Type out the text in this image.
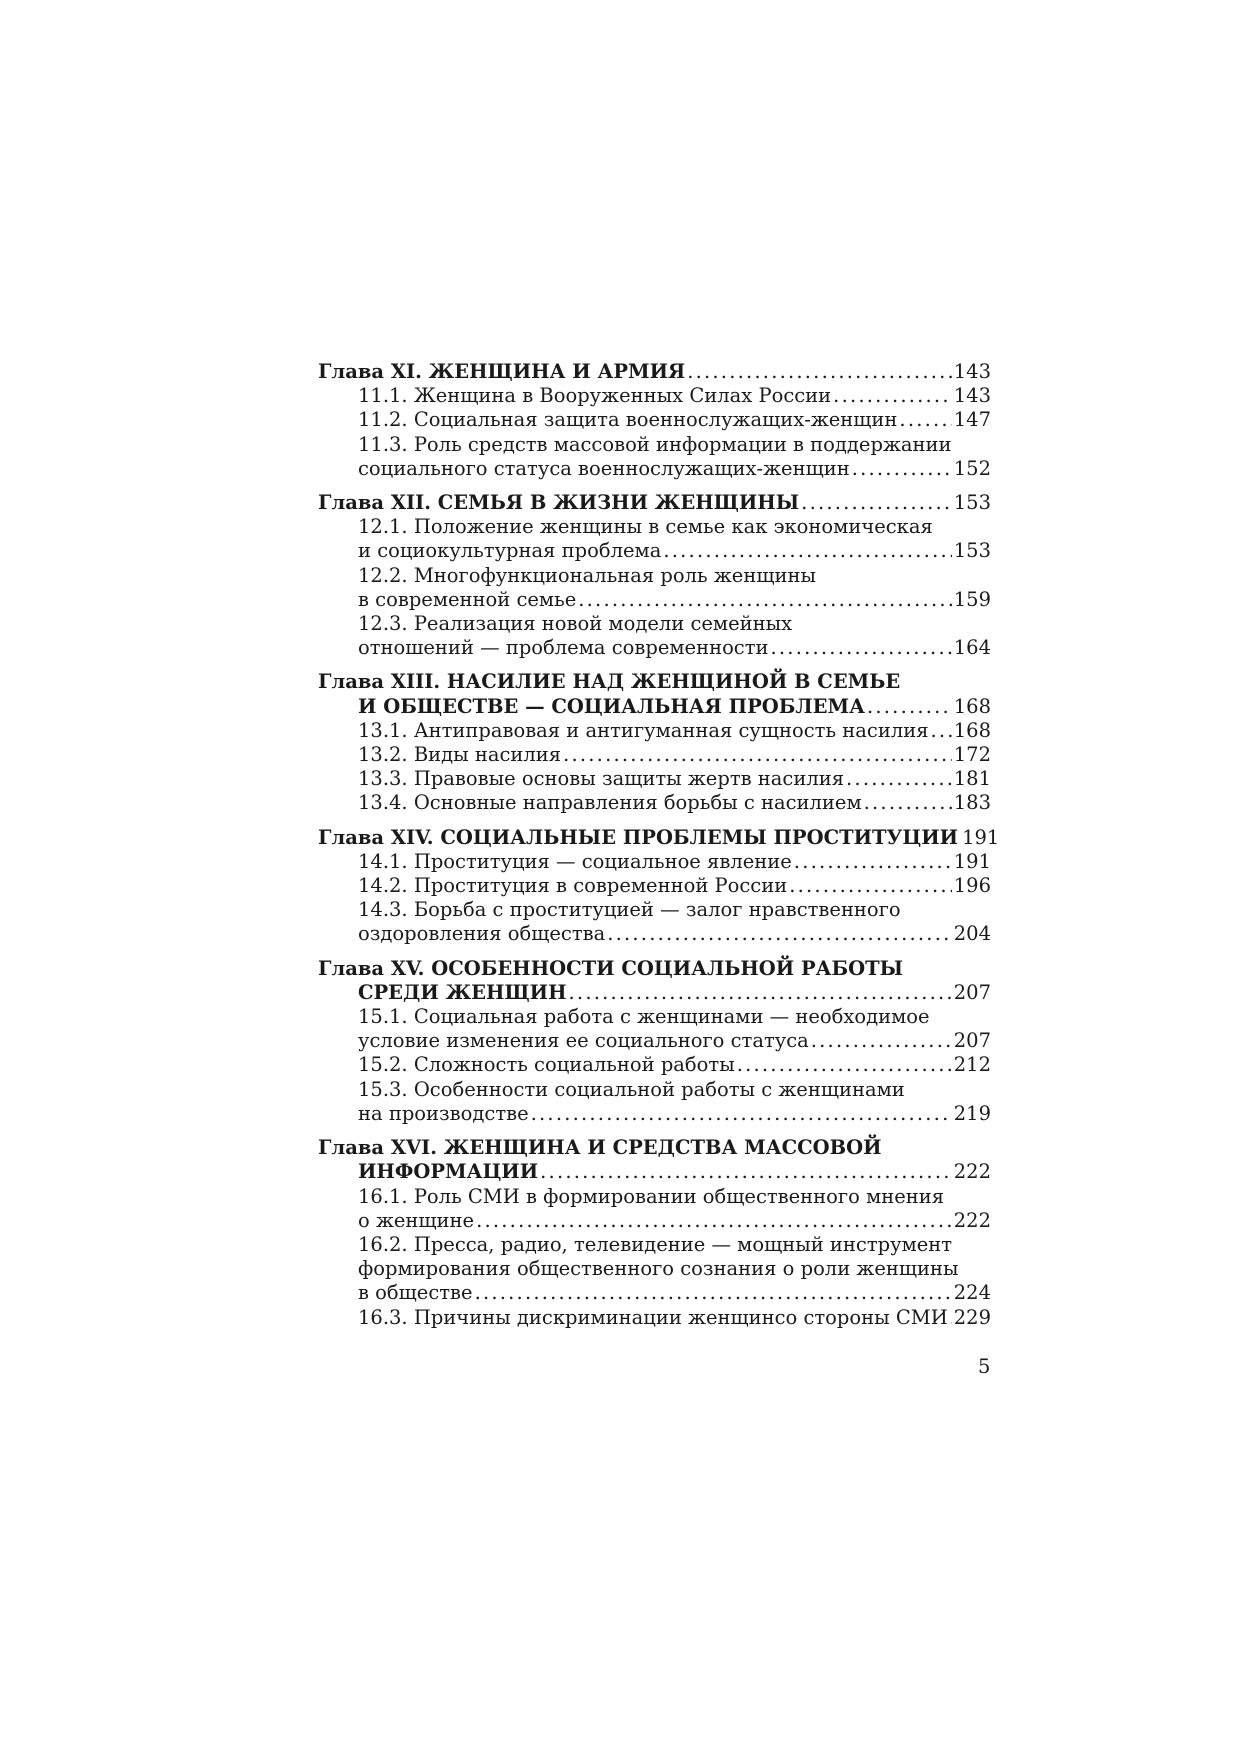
Глава XI. ЖЕНЩИНА И АРМИЯ . . .	143
11.1. Женщина в Вооруженных Силах России . . .	143
11.2. Социальная защита военнослужащих-женщин . . .	147
11.3. Роль средств массовой информации в поддержании
социального статуса военнослужащих-женщин . . .	152
Глава XII. СЕМЬЯ В ЖИЗНИ ЖЕНЩИНЫ . . .	153
12.1. Положение женщины в семье как экономическая
и социокультурная проблема . . .	153
12.2. Многофункциональная роль женщины
в современной семье . . .	159
12.3. Реализация новой модели семейных
отношений — проблема современности . . .	164
Глава XIII. НАСИЛИЕ НАД ЖЕНЩИНОЙ В СЕМЬЕ
И ОБЩЕСТВЕ — СОЦИАЛЬНАЯ ПРОБЛЕМА . . .	168
13.1. Антиправовая и антигуманная сущность насилия . . . 168
13.2. Виды насилия . . .	172
13.3. Правовые основы защиты жертв насилия . . .	181
13.4. Основные направления борьбы с насилием . . .	183
Глава XIV. СОЦИАЛЬНЫЕ ПРОБЛЕМЫ ПРОСТИТУЦИИ 191
14.1. Проституция — социальное явление . . .	191
14.2. Проституция в современной России . . .	196
14.3. Борьба с проституцией — залог нравственного
оздоровления общества . . .	204
Глава XV. ОСОБЕННОСТИ СОЦИАЛЬНОЙ РАБОТЫ
СРЕДИ ЖЕНЩИН . . .	207
15.1. Социальная работа с женщинами — необходимое
условие изменения ее социального статуса . . .	207
15.2. Сложность социальной работы . . .	212
15.3. Особенности социальной работы с женщинами
на производстве . . .	219
Глава XVI. ЖЕНЩИНА И СРЕДСТВА МАССОВОЙ
ИНФОРМАЦИИ . . .	222
16.1. Роль СМИ в формировании общественного мнения
о женщине . . .	222
16.2. Пресса, радио, телевидение — мощный инструмент
формирования общественного сознания о роли женщины
в обществе . . .	224
16.3. Причины дискриминации женщинсо стороны СМИ . . . 229
5
